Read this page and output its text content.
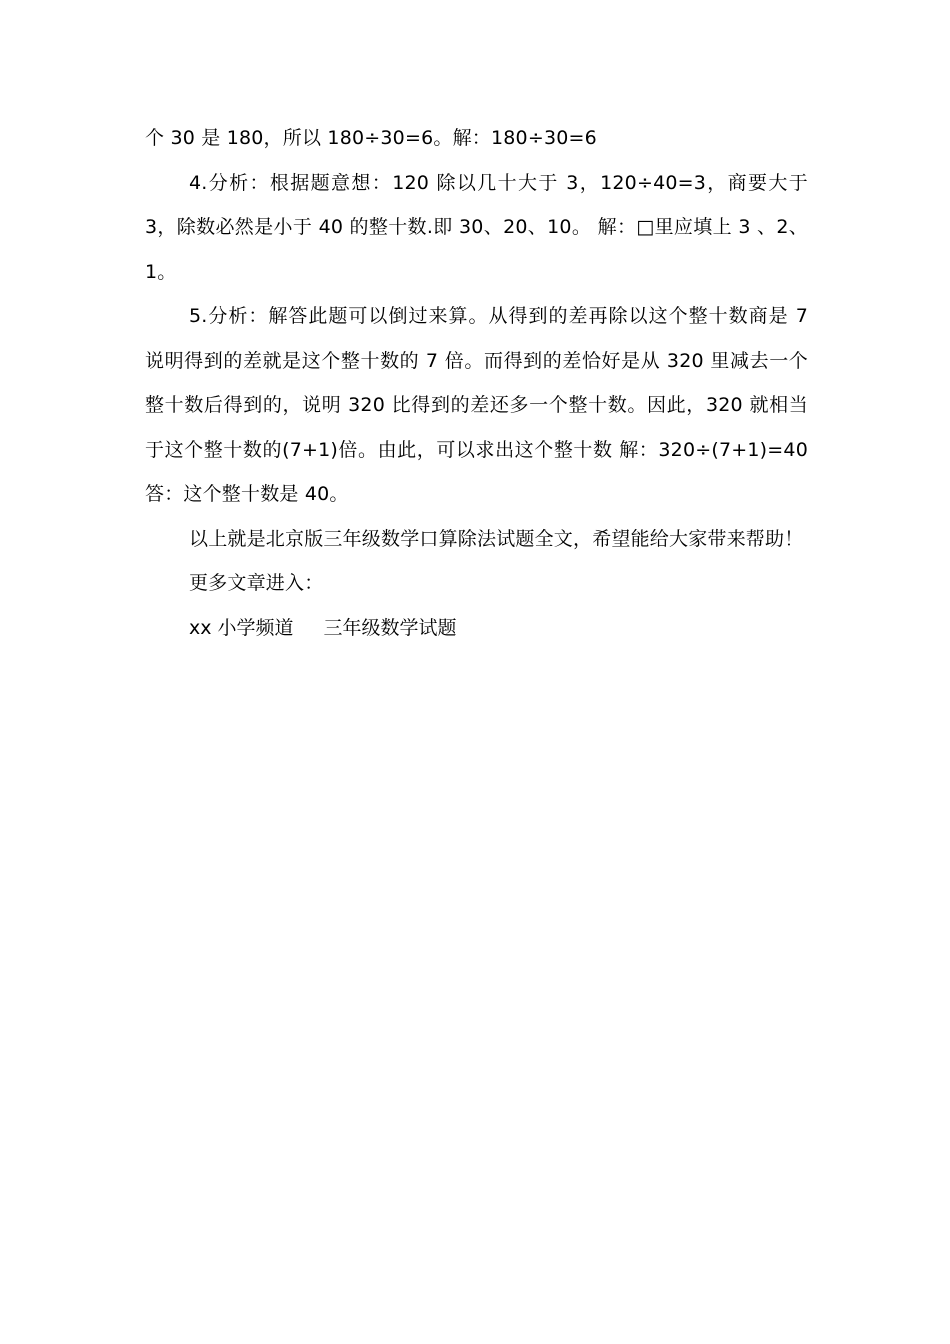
个 30 是 180，所以 180÷30=6。解：180÷30=6

4.分析：根据题意想：120 除以几十大于 3，120÷40=3，商要大于 3，除数必然是小于 40 的整十数.即 30、20、10。 解：□里应填上 3 、2、1。

5.分析：解答此题可以倒过来算。从得到的差再除以这个整十数商是 7 说明得到的差就是这个整十数的 7 倍。而得到的差恰好是从 320 里减去一个整十数后得到的，说明 320 比得到的差还多一个整十数。因此，320 就相当于这个整十数的(7+1)倍。由此，可以求出这个整十数 解：320÷(7+1)=40 答：这个整十数是 40。

以上就是北京版三年级数学口算除法试题全文，希望能给大家带来帮助！

更多文章进入：

xx 小学频道 三年级数学试题
